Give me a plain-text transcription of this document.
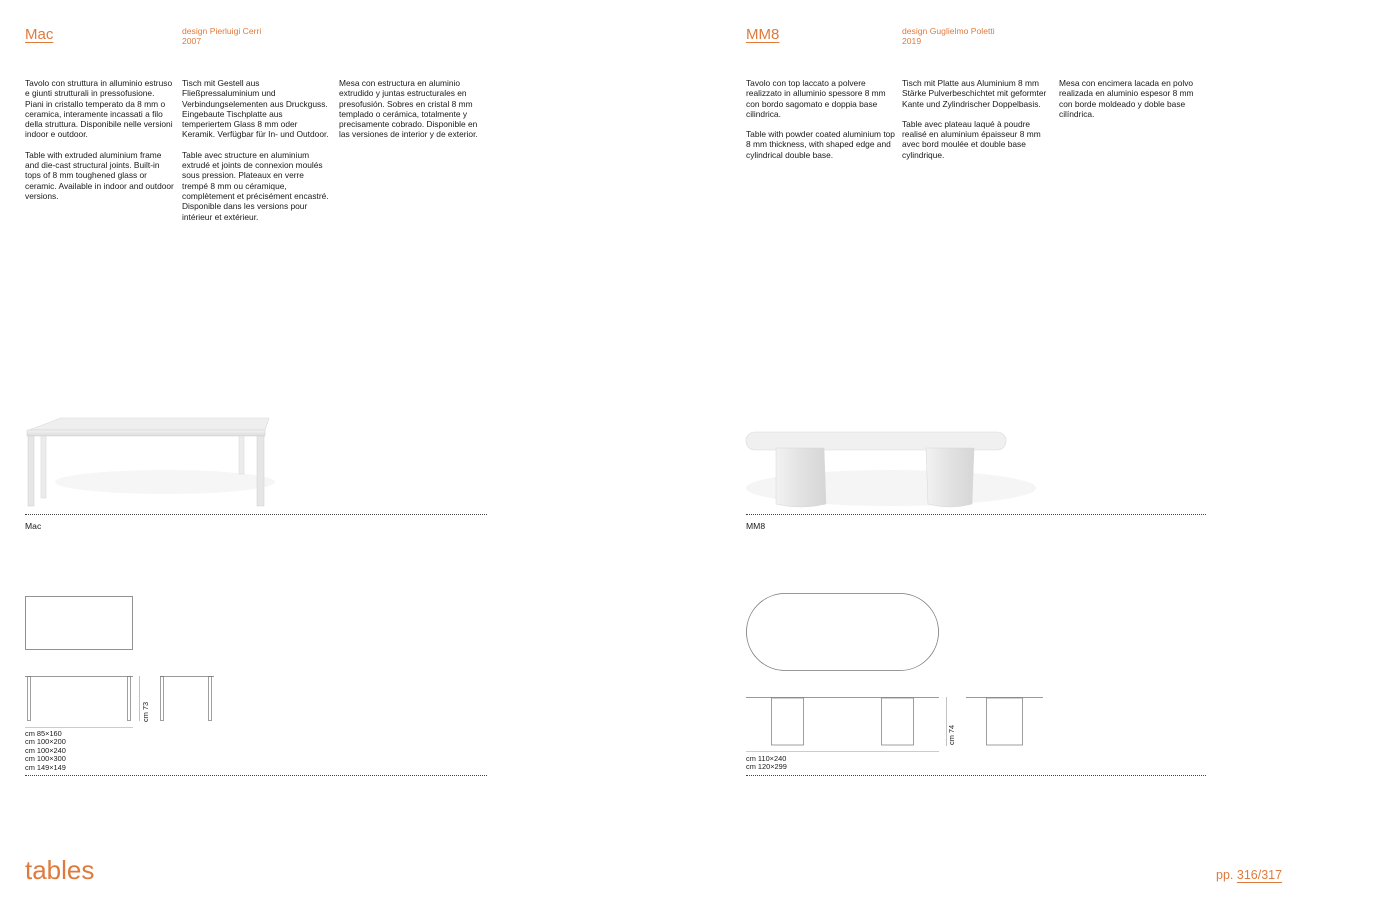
Mac	design Pierluigi Cerri
2007

Tavolo con struttura in alluminio estruso e giunti strutturali in pressofusione. Piani in cristallo temperato da 8 mm o ceramica, interamente incassati a filo della struttura. Disponibile nelle versioni indoor e outdoor.

Table with extruded aluminium frame and die-cast structural joints. Built-in tops of 8 mm toughened glass or ceramic. Available in indoor and outdoor versions.

Tisch mit Gestell aus Fließpressaluminium und Verbindungselementen aus Druckguss. Eingebaute Tischplatte aus temperiertem Glass 8 mm oder Keramik. Verfügbar für In- und Outdoor.

Table avec structure en aluminium extrudé et joints de connexion moulés sous pression. Plateaux en verre trempé 8 mm ou céramique, complètement et précisément encastré. Disponible dans les versions pour intérieur et extérieur.

Mesa con estructura en aluminio extrudido y juntas estructurales en presofusión. Sobres en cristal 8 mm templado o cerámica, totalmente y precisamente cobrado. Disponible en las versiones de interior y de exterior.

Mac
cm 73
cm 85×160
cm 100×200
cm 100×240
cm 100×300
cm 149×149
tables
MM8	design Guglielmo Poletti
2019

Tavolo con top laccato a polvere realizzato in alluminio spessore 8 mm con bordo sagomato e doppia base cilindrica.

Table with powder coated aluminium top 8 mm thickness, with shaped edge and cylindrical double base.

Tisch mit Platte aus Aluminium 8 mm Stärke Pulverbeschichtet mit geformter Kante und Zylindrischer Doppelbasis.

Table avec plateau laqué à poudre realisé en aluminium épaisseur 8 mm avec bord moulée et double base cylindrique.

Mesa con encimera lacada en polvo realizada en aluminio espesor 8 mm con borde moldeado y doble base cilíndrica.

MM8
cm 74
cm 110×240
cm 120×299
pp. 316/317
